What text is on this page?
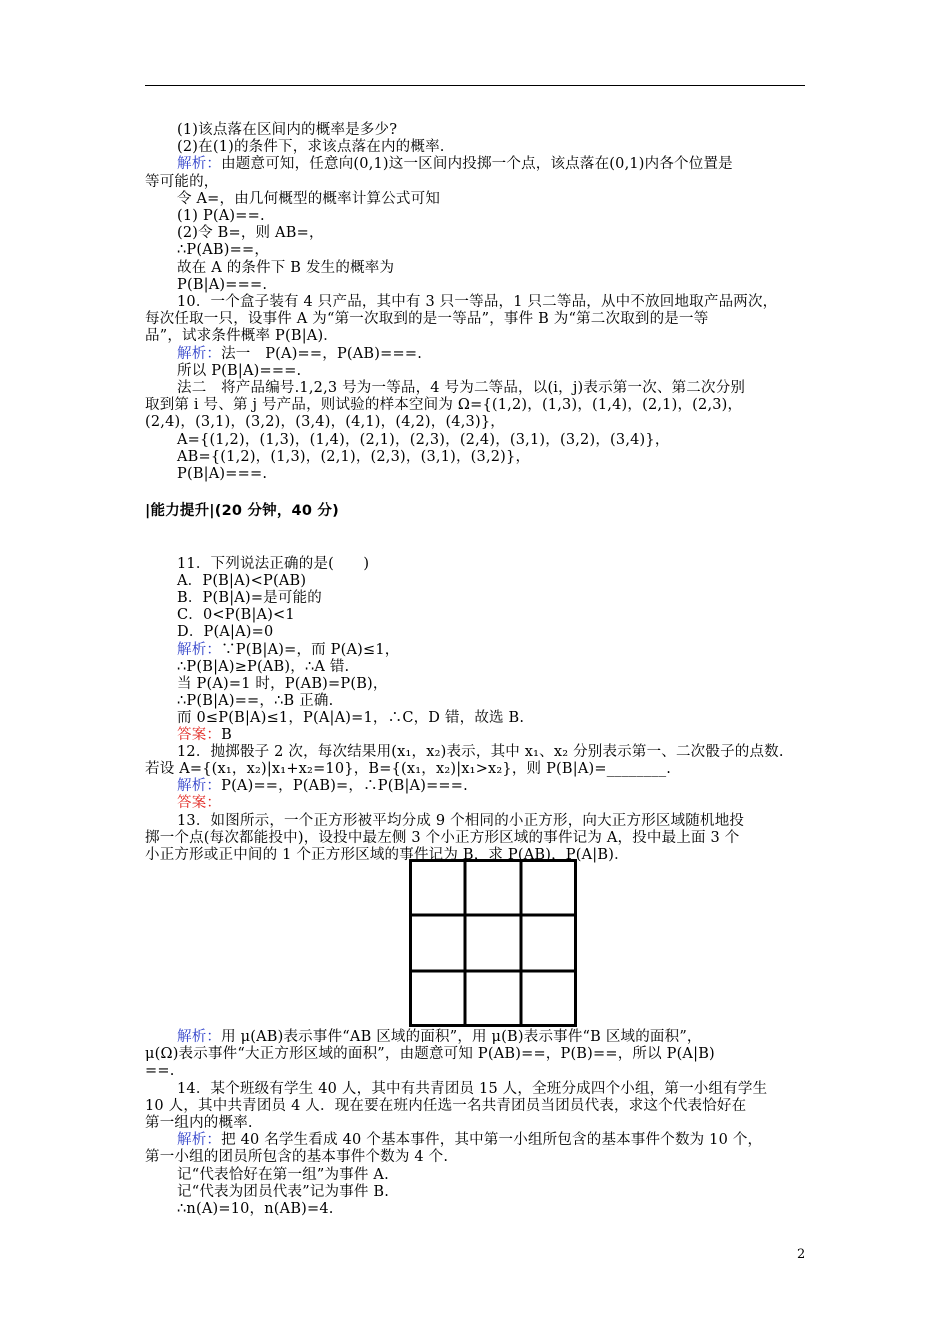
(1)该点落在区间内的概率是多少?
(2)在(1)的条件下，求该点落在内的概率.
解析：由题意可知，任意向(0,1)这一区间内投掷一个点，该点落在(0,1)内各个位置是
等可能的，
令 A=，由几何概型的概率计算公式可知
(1) P(A)==.
(2)令 B=，则 AB=，
∴P(AB)==，
故在 A 的条件下 B 发生的概率为
P(B|A)===.
10．一个盒子装有 4 只产品，其中有 3 只一等品，1 只二等品，从中不放回地取产品两次，
每次任取一只，设事件 A 为“第一次取到的是一等品”，事件 B 为“第二次取到的是一等
品”，试求条件概率 P(B|A)．
解析：法一　P(A)==，P(AB)===.
所以 P(B|A)===.
法二　将产品编号.1,2,3 号为一等品，4 号为二等品，以(i，j)表示第一次、第二次分别
取到第 i 号、第 j 号产品，则试验的样本空间为 Ω={(1,2)，(1,3)，(1,4)，(2,1)，(2,3)，
(2,4)，(3,1)，(3,2)，(3,4)，(4,1)，(4,2)，(4,3)}，
A={(1,2)，(1,3)，(1,4)，(2,1)，(2,3)，(2,4)，(3,1)，(3,2)，(3,4)}，
AB={(1,2)，(1,3)，(2,1)，(2,3)，(3,1)，(3,2)}，
P(B|A)===.
|能力提升|(20 分钟，40 分)
11．下列说法正确的是(　　)
A．P(B|A)<P(AB)
B．P(B|A)=是可能的
C．0<P(B|A)<1
D．P(A|A)=0
解析：∵P(B|A)=，而 P(A)≤1，
∴P(B|A)≥P(AB)，∴A 错.
当 P(A)=1 时，P(AB)=P(B)，
∴P(B|A)==，∴B 正确.
而 0≤P(B|A)≤1，P(A|A)=1，∴C，D 错，故选 B.
答案：B
12．抛掷骰子 2 次，每次结果用(x₁，x₂)表示，其中 x₁、x₂ 分别表示第一、二次骰子的点数.
若设 A={(x₁，x₂)|x₁+x₂=10}，B={(x₁，x₂)|x₁>x₂}，则 P(B|A)=________.
解析：P(A)==，P(AB)=，∴P(B|A)===.
答案：
13．如图所示，一个正方形被平均分成 9 个相同的小正方形，向大正方形区域随机地投
掷一个点(每次都能投中)，设投中最左侧 3 个小正方形区域的事件记为 A，投中最上面 3 个
小正方形或正中间的 1 个正方形区域的事件记为 B，求 P(AB)，P(A|B)．
解析：用 μ(AB)表示事件“AB 区域的面积”，用 μ(B)表示事件“B 区域的面积”，
μ(Ω)表示事件“大正方形区域的面积”，由题意可知 P(AB)==，P(B)==，所以 P(A|B)
==.
14．某个班级有学生 40 人，其中有共青团员 15 人，全班分成四个小组，第一小组有学生
10 人，其中共青团员 4 人．现在要在班内任选一名共青团员当团员代表，求这个代表恰好在
第一组内的概率.
解析：把 40 名学生看成 40 个基本事件，其中第一小组所包含的基本事件个数为 10 个，
第一小组的团员所包含的基本事件个数为 4 个.
记“代表恰好在第一组”为事件 A.
记“代表为团员代表”记为事件 B.
∴n(A)=10，n(AB)=4.
2
